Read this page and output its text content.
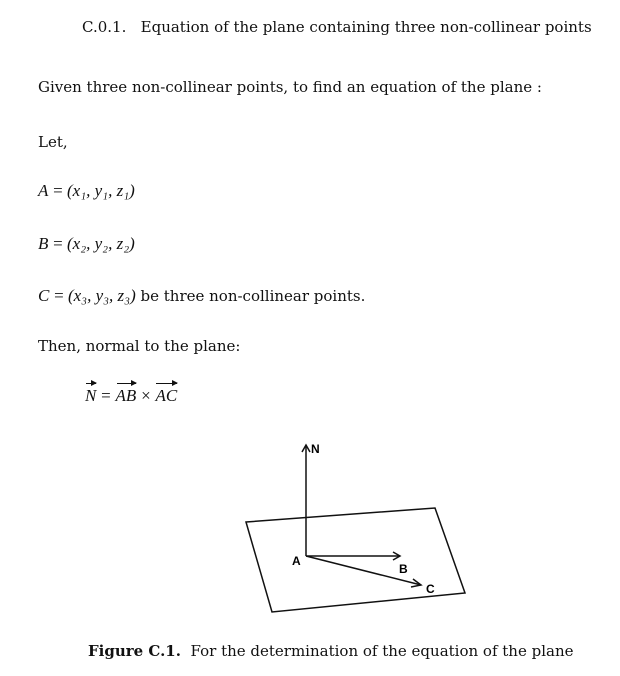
C.0.1. Equation of the plane containing three non-collinear points
Given three non-collinear points, to find an equation of the plane :
Let,
A = (x₁, y₁, z₁)
B = (x₂, y₂, z₂)
C = (x₃, y₃, z₃) be three non-collinear points.
Then, normal to the plane:
N = AB × AC
N
A
B
C
Figure C.1. For the determination of the equation of the plane
